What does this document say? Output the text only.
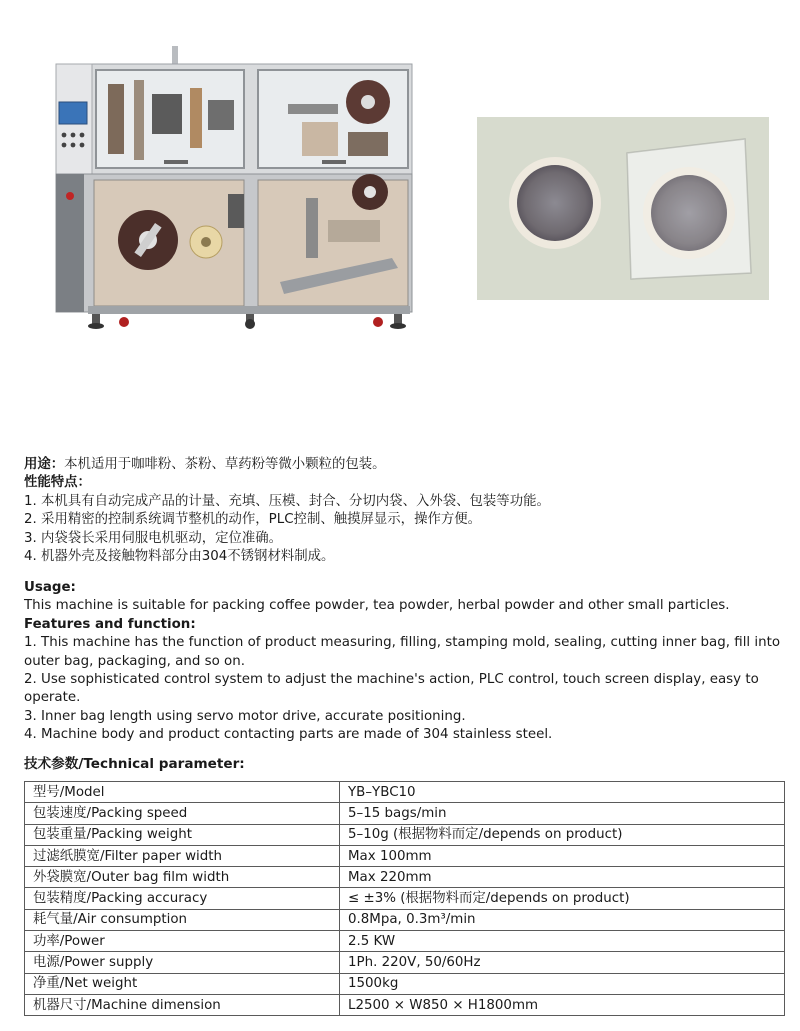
用途：本机适用于咖啡粉、茶粉、草药粉等微小颗粒的包装。
性能特点：
1. 本机具有自动完成产品的计量、充填、压模、封合、分切内袋、入外袋、包装等功能。
2. 采用精密的控制系统调节整机的动作，PLC控制、触摸屏显示，操作方便。
3. 内袋袋长采用伺服电机驱动，定位准确。
4. 机器外壳及接触物料部分由304不锈钢材料制成。
Usage:
This machine is suitable for packing coffee powder, tea powder, herbal powder and other small particles.
Features and function:
1. This machine has the function of product measuring, filling, stamping mold, sealing, cutting inner bag, fill into outer bag, packaging, and so on.
2. Use sophisticated control system to adjust the machine's action, PLC control, touch screen display, easy to operate.
3. Inner bag length using servo motor drive, accurate positioning.
4. Machine body and product contacting parts are made of 304 stainless steel.
技术参数/Technical parameter:
型号/Model	YB–YBC10
包装速度/Packing speed	5–15 bags/min
包装重量/Packing weight	5–10g (根据物料而定/depends on product)
过滤纸膜宽/Filter paper width	Max 100mm
外袋膜宽/Outer bag film width	Max 220mm
包装精度/Packing accuracy	≤ ±3% (根据物料而定/depends on product)
耗气量/Air consumption	0.8Mpa, 0.3m³/min
功率/Power	2.5 KW
电源/Power supply	1Ph. 220V, 50/60Hz
净重/Net weight	1500kg
机器尺寸/Machine dimension	L2500 × W850 × H1800mm
